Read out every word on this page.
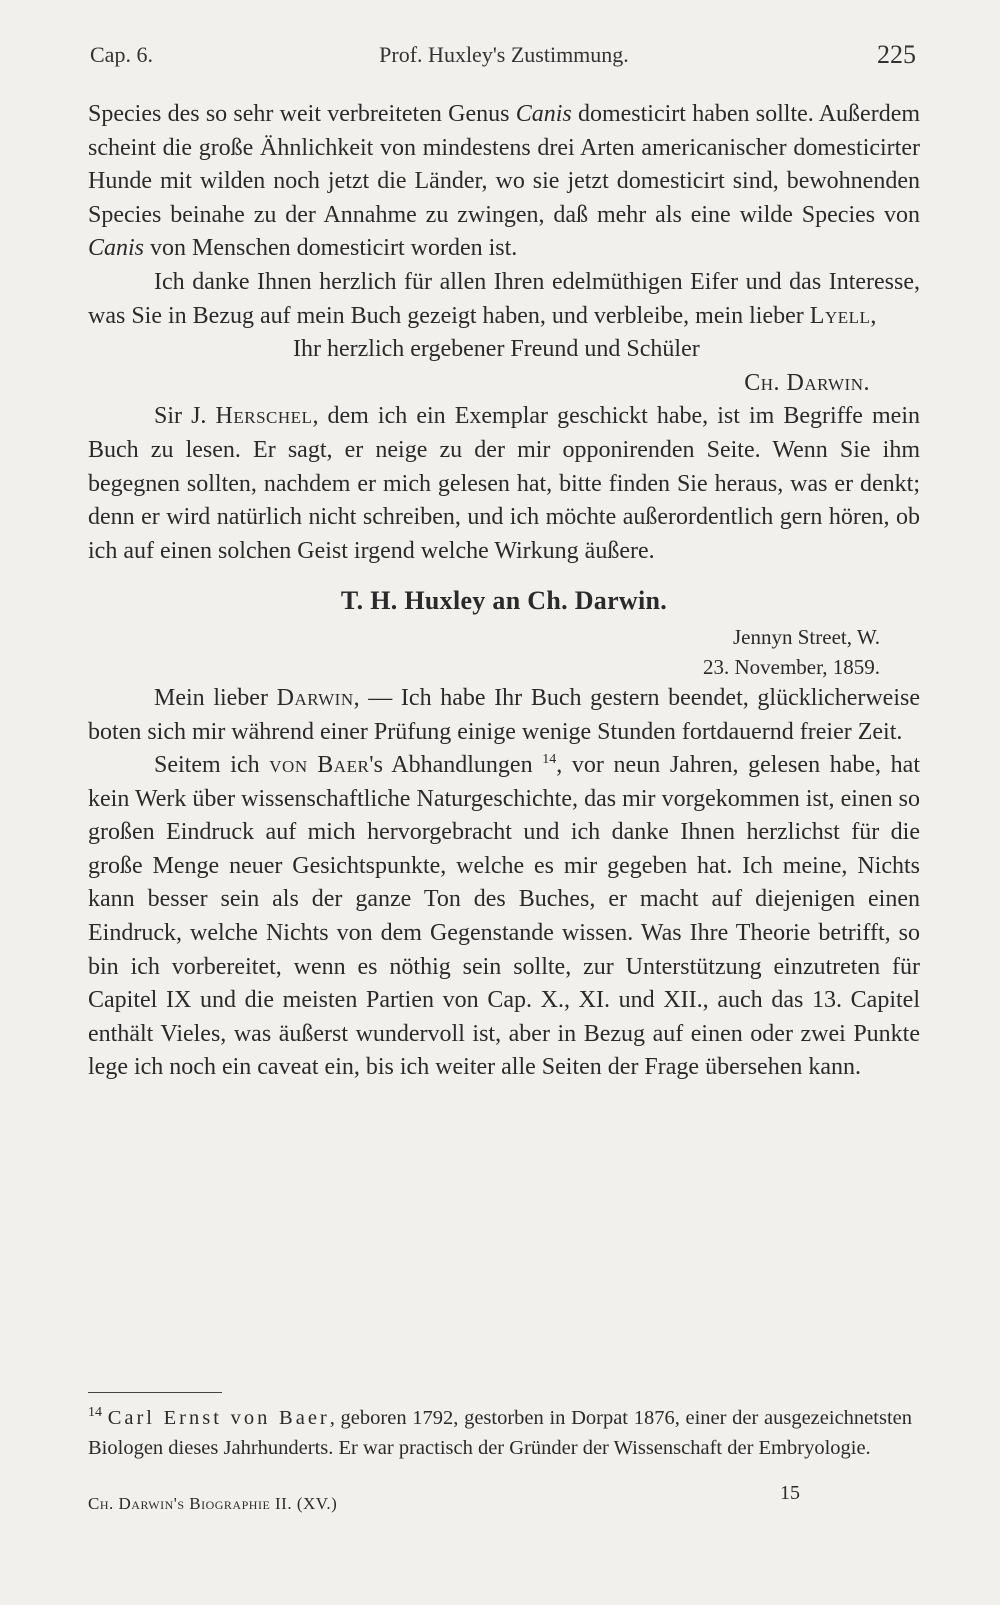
Cap. 6.	Prof. Huxley's Zustimmung.	225

Species des so sehr weit verbreiteten Genus Canis domesticirt haben sollte. Außerdem scheint die große Ähnlichkeit von mindestens drei Arten americanischer domesticirter Hunde mit wilden noch jetzt die Länder, wo sie jetzt domesticirt sind, bewohnenden Species beinahe zu der Annahme zu zwingen, daß mehr als eine wilde Species von Canis von Menschen domesticirt worden ist.

Ich danke Ihnen herzlich für allen Ihren edelmüthigen Eifer und das Interesse, was Sie in Bezug auf mein Buch gezeigt haben, und verbleibe, mein lieber Lyell,

Ihr herzlich ergebener Freund und Schüler

Ch. Darwin.

Sir J. Herschel, dem ich ein Exemplar geschickt habe, ist im Begriffe mein Buch zu lesen. Er sagt, er neige zu der mir opponirenden Seite. Wenn Sie ihm begegnen sollten, nachdem er mich gelesen hat, bitte finden Sie heraus, was er denkt; denn er wird natürlich nicht schreiben, und ich möchte außerordentlich gern hören, ob ich auf einen solchen Geist irgend welche Wirkung äußere.

T. H. Huxley an Ch. Darwin.

Jennyn Street, W.

23. November, 1859.

Mein lieber Darwin, — Ich habe Ihr Buch gestern beendet, glücklicherweise boten sich mir während einer Prüfung einige wenige Stunden fortdauernd freier Zeit.

Seitem ich von Baer's Abhandlungen $^{14}$, vor neun Jahren, gelesen habe, hat kein Werk über wissenschaftliche Naturgeschichte, das mir vorgekommen ist, einen so großen Eindruck auf mich hervorgebracht und ich danke Ihnen herzlichst für die große Menge neuer Gesichtspunkte, welche es mir gegeben hat. Ich meine, Nichts kann besser sein als der ganze Ton des Buches, er macht auf diejenigen einen Eindruck, welche Nichts von dem Gegenstande wissen. Was Ihre Theorie betrifft, so bin ich vorbereitet, wenn es nöthig sein sollte, zur Unterstützung einzutreten für Capitel IX und die meisten Partien von Cap. X., XI. und XII., auch das 13. Capitel enthält Vieles, was äußerst wundervoll ist, aber in Bezug auf einen oder zwei Punkte lege ich noch ein caveat ein, bis ich weiter alle Seiten der Frage übersehen kann.

$^{14}$ Carl Ernst von Baer, geboren 1792, gestorben in Dorpat 1876, einer der ausgezeichnetsten Biologen dieses Jahrhunderts. Er war practisch der Gründer der Wissenschaft der Embryologie.

Ch. Darwin's Biographie II. (XV.)	15
